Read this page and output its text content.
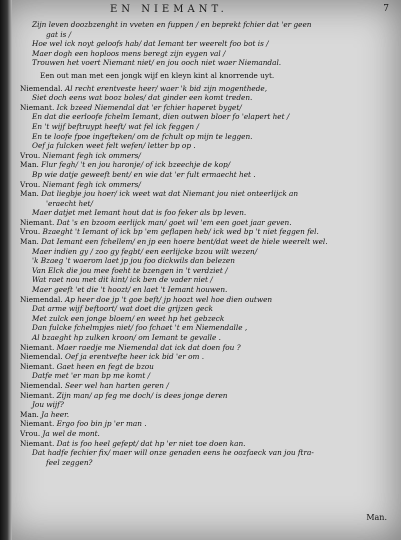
EN NIEMANT.	7
Zijn leven doozbzenght in vveten en fuppen / en beprekt fchier dat 'er geen
gat is /
Hoe wel ick noyt geloofs hab/ dat Iemant ter weerelt foo bot is /
Maer dogh een hoploos mens beregt zijn eygen val /
Trouwen het voert Niemant niet/ en jou ooch niet waer Niemandal.
Een out man met een jongk wijf en kleyn kint al knorrende uyt.
Niemendal. Al recht erentveste heer/ waer 'k bid zijn mogenthede,
Siet doch eens wat booz boles/ dat ginder een komt treden.
Niemant. Ick bzeed Niemendal dat 'er fchier haperet byget/
En dat die eerloofe fchelm Iemant, dien outwen bloer fo 'elapert het /
En 't wijf beftruypt heeft/ wat fel ick feggen /
En te loofe fpoe ingefteken/ om de fchult op mijn te leggen.
Oef ja fulcken weet felt wefen/ letter bp op .
Vrou. Niemant fegh ick ommers/
Man. Flur fegh/ 't en jou haronje/ of ick bzeechje de kop/
Bp wie datje geweeft bent/ en wie dat 'er fult ermaecht het .
Vrou. Niemant fegh ick ommers/
Man. Dat liegbje jou hoer/ ick weet wat dat Niemant jou niet onteerlijck an
'eraecht het/
Maer datjet met Iemant hout dat is foo feker als bp leven.
Niemant. Dat 's en bzoom eerlijck man/ goet wil 'em een goet jaar geven.
Vrou. Bzaeght 't Iemant of ick bp 'em geflapen heb/ ick wed bp 't niet feggen fel.
Man. Dat Iemant een fchellem/ en jp een hoere bent/dat weet de hiele weerelt wel.
Maer indien gy / zoo gy fegbt/ een eerlijcke bzou wilt wezen/
'k Bzaeg 't waerom laet jp jou foo dickwils dan belezen
Van Elck die jou mee foeht te bzengen in 't verdziet /
Wat raet nou met dit kint/ ick ben de vader niet /
Maer geeft 'et die 't hoozt/ en laet 't Iemant houwen.
Niemendal. Ap heer doe jp 't goe beft/ jp hoozt wel hoe dien outwen
Dat arme wijf beftoort/ wat doet die grijzen geck
Met zulck een jonge bloem/ en weet hp het gebzeck
Dan fulcke fchelmpjes niet/ foo fchaet 't em Niemendalle ,
Al bzaeght hp zulken kroon/ om Iemant te gevalle .
Niemant. Maer raedje me Niemendal dat ick dat doen fou ?
Niemendal. Oef ja erentvefte heer ick bid 'er om .
Niemant. Gaet heen en fegt de bzou
Datfe met 'er man bp me komt /
Niemendal. Seer wel han harten geren /
Niemant. Zijn man/ ap feg me doch/ is dees jonge deren
Jou wijf?
Man. Ja heer.
Niemant. Ergo foo bin jp 'er man .
Vrou. Ja wel de mont.
Niemant. Dat is foo heel gefept/ dat hp 'er niet toe doen kan.
Dat hadfe fechier fix/ maer will onze genaden eens he oozfaeck van jou ftra-
feel zeggen?
Man.
